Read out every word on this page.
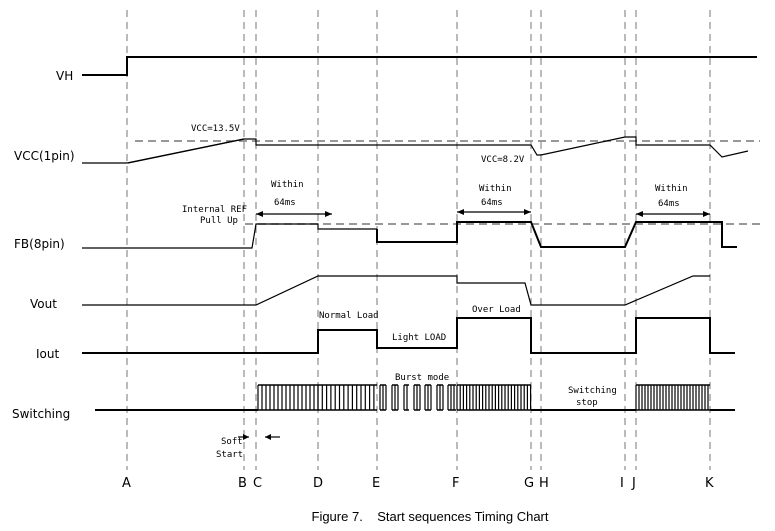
VH
VCC(1pin)
FB(8pin)
Vout
Iout
Switching
VCC=13.5V
VCC=8.2V
Internal REF
Pull Up
Within
64ms
Within
64ms
Within
64ms
Normal Load
Light LOAD
Over Load
Burst mode
Switching
stop
Soft
Start
A	B C	D	E	F	G H	I J	K
Figure 7.    Start sequences Timing Chart
